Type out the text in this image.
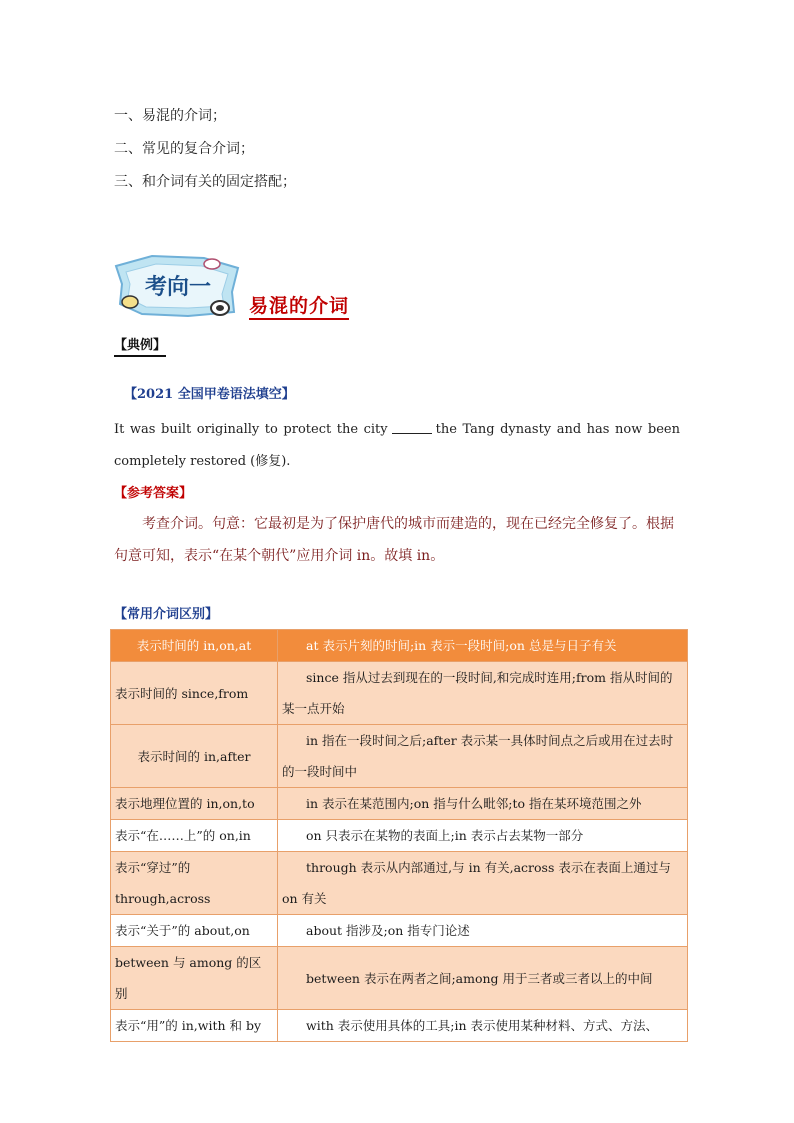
一、易混的介词；
二、常见的复合介词；
三、和介词有关的固定搭配；
考向一
易混的介词
【典例】
【2021 全国甲卷语法填空】
It was built originally to protect the city	the Tang dynasty and has now been completely restored (修复).
【参考答案】
考查介词。句意：它最初是为了保护唐代的城市而建造的，现在已经完全修复了。根据句意可知，表示“在某个朝代”应用介词 in。故填 in。
【常用介词区别】
表示时间的 in,on,at	at 表示片刻的时间;in 表示一段时间;on 总是与日子有关
表示时间的 since,from	since 指从过去到现在的一段时间,和完成时连用;from 指从时间的某一点开始
表示时间的 in,after	in 指在一段时间之后;after 表示某一具体时间点之后或用在过去时的一段时间中
表示地理位置的 in,on,to	in 表示在某范围内;on 指与什么毗邻;to 指在某环境范围之外
表示“在……上”的 on,in	on 只表示在某物的表面上;in 表示占去某物一部分
表示“穿过”的 through,across	through 表示从内部通过,与 in 有关,across 表示在表面上通过与 on 有关
表示“关于”的 about,on	about 指涉及;on 指专门论述
between 与 among 的区别	between 表示在两者之间;among 用于三者或三者以上的中间
表示“用”的 in,with 和 by	with 表示使用具体的工具;in 表示使用某种材料、方式、方法、
